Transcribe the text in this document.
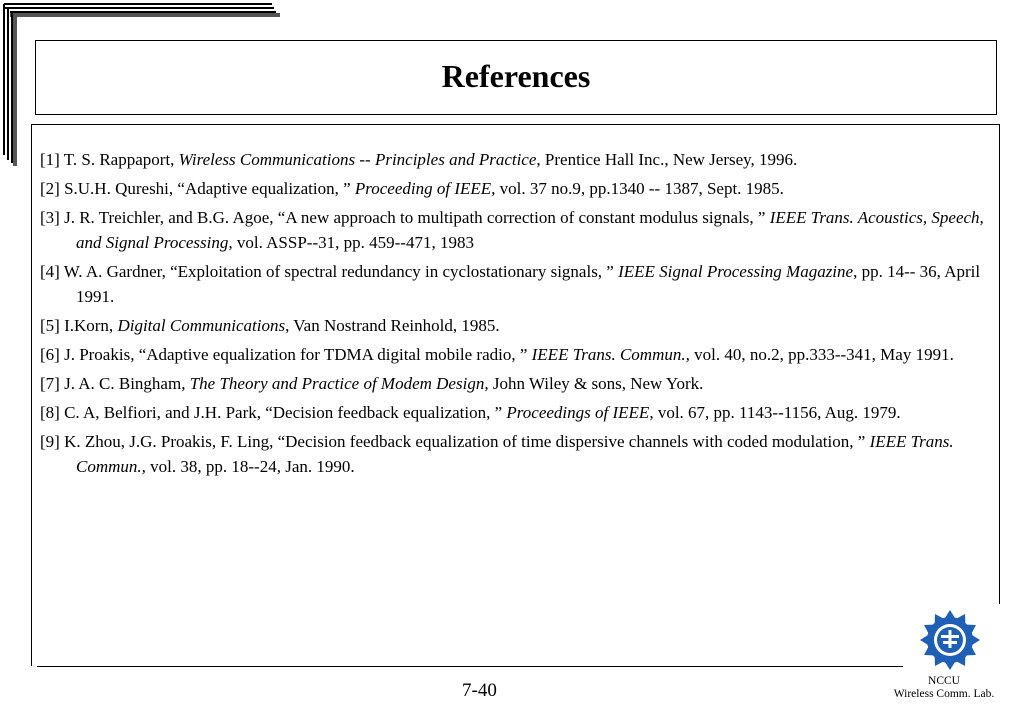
References
[1] T. S. Rappaport, Wireless Communications -- Principles and Practice, Prentice Hall Inc., New Jersey, 1996.
[2] S.U.H. Qureshi, “Adaptive equalization, ” Proceeding of IEEE, vol. 37 no.9, pp.1340 -- 1387, Sept. 1985.
[3] J. R. Treichler, and B.G. Agoe, “A new approach to multipath correction of constant modulus signals, ” IEEE Trans. Acoustics, Speech, and Signal Processing, vol. ASSP--31, pp. 459--471, 1983
[4] W. A. Gardner, “Exploitation of spectral redundancy in cyclostationary signals, ” IEEE Signal Processing Magazine, pp. 14-- 36, April 1991.
[5] I.Korn, Digital Communications, Van Nostrand Reinhold, 1985.
[6] J. Proakis, “Adaptive equalization for TDMA digital mobile radio, ” IEEE Trans. Commun., vol. 40, no.2, pp.333--341, May 1991.
[7] J. A. C. Bingham, The Theory and Practice of Modem Design, John Wiley & sons, New York.
[8] C. A, Belfiori, and J.H. Park, “Decision feedback equalization, ” Proceedings of IEEE, vol. 67, pp. 1143--1156, Aug. 1979.
[9] K. Zhou, J.G. Proakis, F. Ling, “Decision feedback equalization of time dispersive channels with coded modulation, ” IEEE Trans. Commun., vol. 38, pp. 18--24, Jan. 1990.
7-40	NCCU
Wireless Comm. Lab.
